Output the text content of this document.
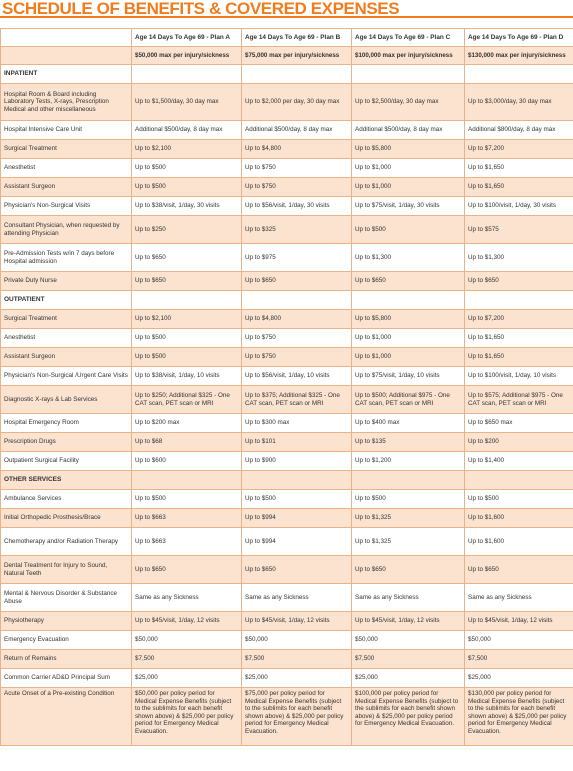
SCHEDULE OF BENEFITS & COVERED EXPENSES
	Age 14 Days To Age 69 - Plan A	Age 14 Days To Age 69 - Plan B	Age 14 Days To Age 69 - Plan C	Age 14 Days To Age 69 - Plan D
	$50,000 max per injury/sickness	$75,000 max per injury/sickness	$100,000 max per injury/sickness	$130,000 max per injury/sickness
INPATIENT				
Hospital Room & Board including Laboratory Tests, X-rays, Prescription Medical and other miscellaneous	Up to $1,500/day, 30 day max	Up to $2,000 per day, 30 day max	Up to $2,500/day, 30 day max	Up to $3,000/day, 30 day max
Hospital Intensive Care Unit	Additional $500/day, 8 day max	Additional $500/day, 8 day max	Additional $500/day, 8 day max	Additional $800/day, 8 day max
Surgical Treatment	Up to $2,100	Up to $4,800	Up to $5,800	Up to $7,200
Anesthetist	Up to $500	Up to $750	Up to $1,000	Up to $1,650
Assistant Surgeon	Up to $500	Up to $750	Up to $1,000	Up to $1,650
Physician's Non-Surgical Visits	Up to $38/visit, 1/day, 30 visits	Up to $56/visit, 1/day, 30 visits	Up to $75/visit, 1/day, 30 visits	Up to $100/visit, 1/day, 30 visits
Consultant Physician, when requested by attending Physician	Up to $250	Up to $325	Up to $500	Up to $575
Pre-Admission Tests w/in 7 days before Hospital admission	Up to $650	Up to $975	Up to $1,300	Up to $1,300
Private Duty Nurse	Up to $650	Up to $650	Up to $650	Up to $650
OUTPATIENT				
Surgical Treatment	Up to $2,100	Up to $4,800	Up to $5,800	Up to $7,200
Anesthetist	Up to $500	Up to $750	Up to $1,000	Up to $1,650
Assistant Surgeon	Up to $500	Up to $750	Up to $1,000	Up to $1,650
Physician's Non-Surgical /Urgent Care Visits	Up to $38/visit, 1/day, 10 visits	Up to $56/visit, 1/day, 10 visits	Up to $75/visit, 1/day, 10 visits	Up to $100/visit, 1/day, 10 visits
Diagnostic X-rays & Lab Services	Up to $250; Additional $325 - One CAT scan, PET scan or MRI	Up to $375; Additional $325 - One CAT scan, PET scan or MRI	Up to $500; Additional $975 - One CAT scan, PET scan or MRI	Up to $575; Additional $975 - One CAT scan, PET scan or MRI
Hospital Emergency Room	Up to $200 max	Up to $300 max	Up to $400 max	Up to $650 max
Prescription Drugs	Up to $68	Up to $101	Up to $135	Up to $200
Outpatient Surgical Facility	Up to $600	Up to $900	Up to $1,200	Up to $1,400
OTHER SERVICES				
Ambulance Services	Up to $500	Up to $500	Up to $500	Up to $500
Initial Orthopedic Prosthesis/Brace	Up to $663	Up to $994	Up to $1,325	Up to $1,600
Chemotherapy and/or Radiation Therapy	Up to $663	Up to $994	Up to $1,325	Up to $1,600
Dental Treatment for Injury to Sound, Natural Teeth	Up to $650	Up to $650	Up to $650	Up to $650
Mental & Nervous Disorder & Substance Abuse	Same as any Sickness	Same as any Sickness	Same as any Sickness	Same as any Sickness
Physiotherapy	Up to $45/visit, 1/day, 12 visits	Up to $45/visit, 1/day, 12 visits	Up to $45/visit, 1/day, 12 visits	Up to $45/visit, 1/day, 12 visits
Emergency Evacuation	$50,000	$50,000	$50,000	$50,000
Return of Remains	$7,500	$7,500	$7,500	$7,500
Common Carrier AD&D Principal Sum	$25,000	$25,000	$25,000	$25,000
Acute Onset of a Pre-existing Condition	$50,000 per policy period for Medical Expense Benefits (subject to the sublimits for each benefit shown above) & $25,000 per policy period for Emergency Medical Evacuation.	$75,000 per policy period for Medical Expense Benefits (subject to the sublimits for each benefit shown above) & $25,000 per policy period for Emergency Medical Evacuation.	$100,000 per policy period for Medical Expense Benefits (subject to the sublimits for each benefit shown above) & $25,000 per policy period for Emergency Medical Evacuation.	$130,000 per policy period for Medical Expense Benefits (subject to the sublimits for each benefit shown above) & $25,000 per policy period for Emergency Medical Evacuation.
